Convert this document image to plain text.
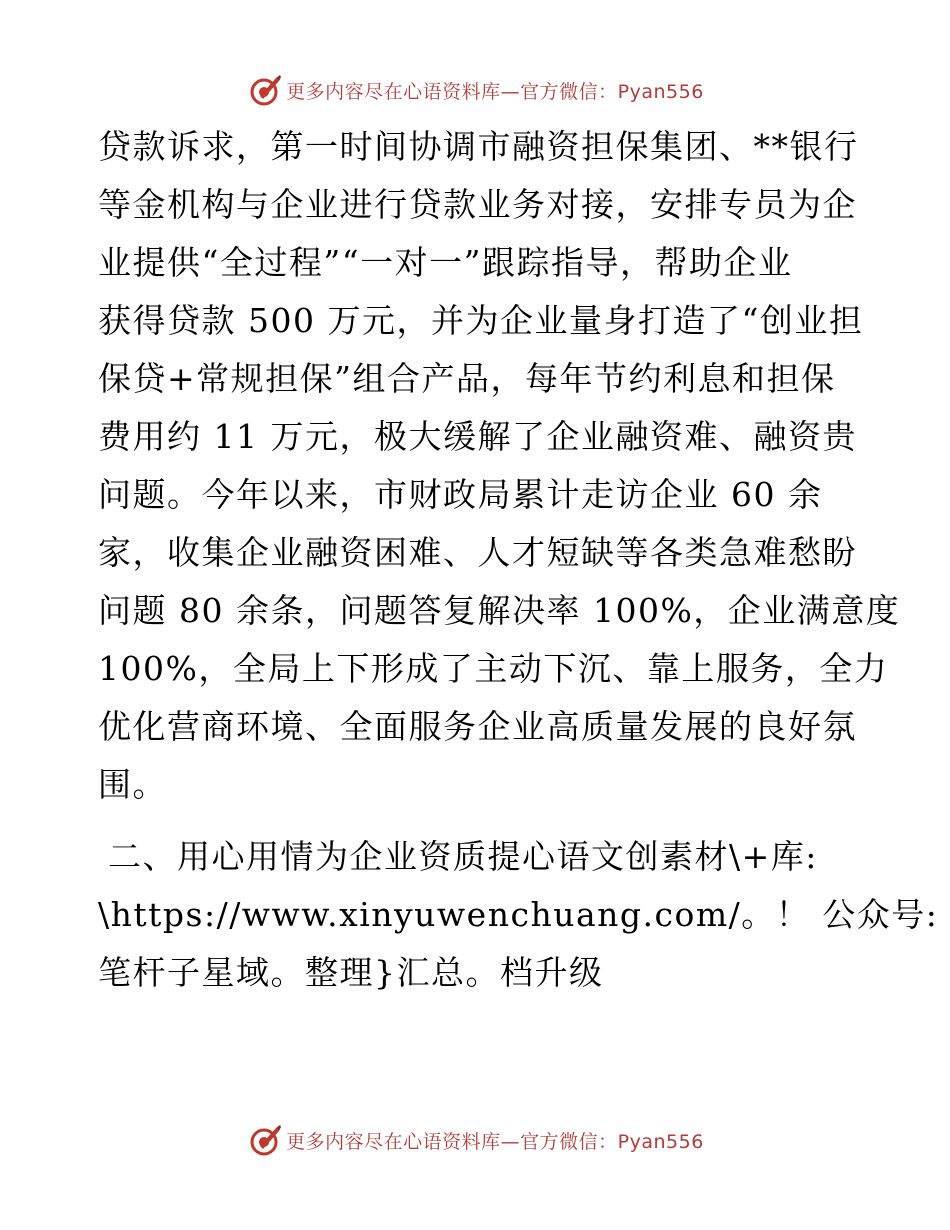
更多内容尽在心语资料库—官方微信：Pyan556
贷款诉求，第一时间协调市融资担保集团、**银行
等金机构与企业进行贷款业务对接，安排专员为企
业提供“全过程”“一对一”跟踪指导，帮助企业
获得贷款 500 万元，并为企业量身打造了“创业担
保贷+常规担保”组合产品，每年节约利息和担保
费用约 11 万元，极大缓解了企业融资难、融资贵
问题。今年以来，市财政局累计走访企业 60 余
家，收集企业融资困难、人才短缺等各类急难愁盼
问题 80 余条，问题答复解决率 100%，企业满意度
100%，全局上下形成了主动下沉、靠上服务，全力
优化营商环境、全面服务企业高质量发展的良好氛
围。
二、用心用情为企业资质提心语文创素材\+库:
\https://www.xinyuwenchuang.com/。！ 公众号:
笔杆子星域。整理}汇总。档升级
更多内容尽在心语资料库—官方微信：Pyan556
